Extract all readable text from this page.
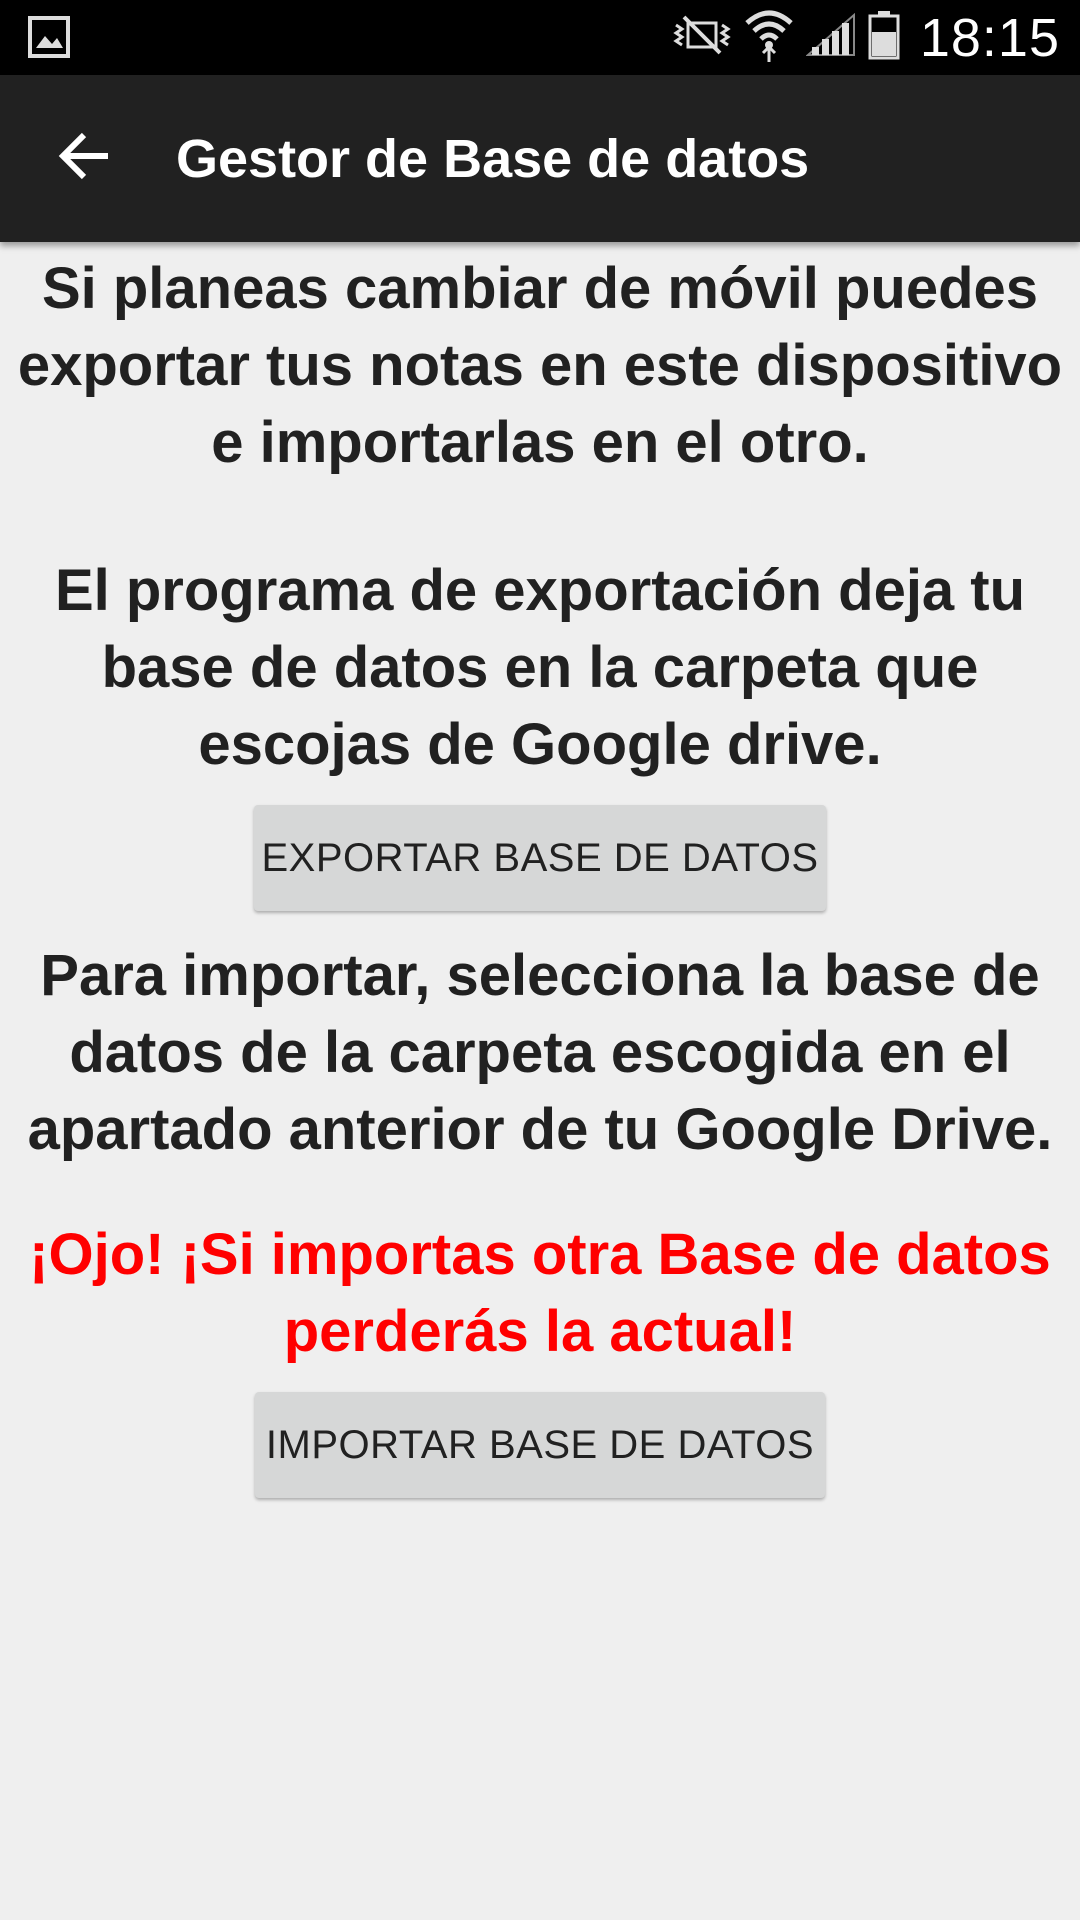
18:15
Gestor de Base de datos

Si planeas cambiar de móvil puedes exportar tus notas en este dispositivo e importarlas en el otro.

El programa de exportación deja tu base de datos en la carpeta que escojas de Google drive.

EXPORTAR BASE DE DATOS

Para importar, selecciona la base de datos de la carpeta escogida en el apartado anterior de tu Google Drive.

¡Ojo! ¡Si importas otra Base de datos perderás la actual!

IMPORTAR BASE DE DATOS
